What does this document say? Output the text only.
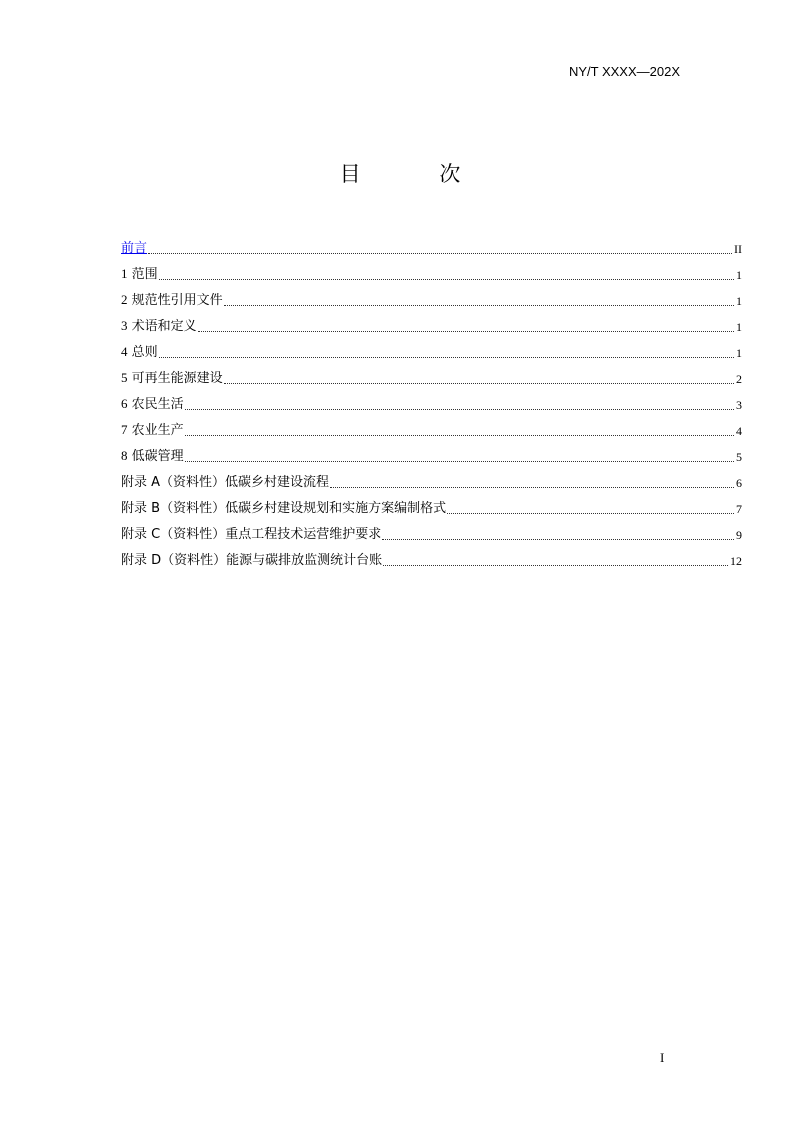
NY/T XXXX—202X
目 次
前言	II
1 范围	1
2 规范性引用文件	1
3 术语和定义	1
4 总则	1
5 可再生能源建设	2
6 农民生活	3
7 农业生产	4
8 低碳管理	5
附录 A（资料性）低碳乡村建设流程	6
附录 B（资料性）低碳乡村建设规划和实施方案编制格式	7
附录 C（资料性）重点工程技术运营维护要求	9
附录 D（资料性）能源与碳排放监测统计台账	12
I
